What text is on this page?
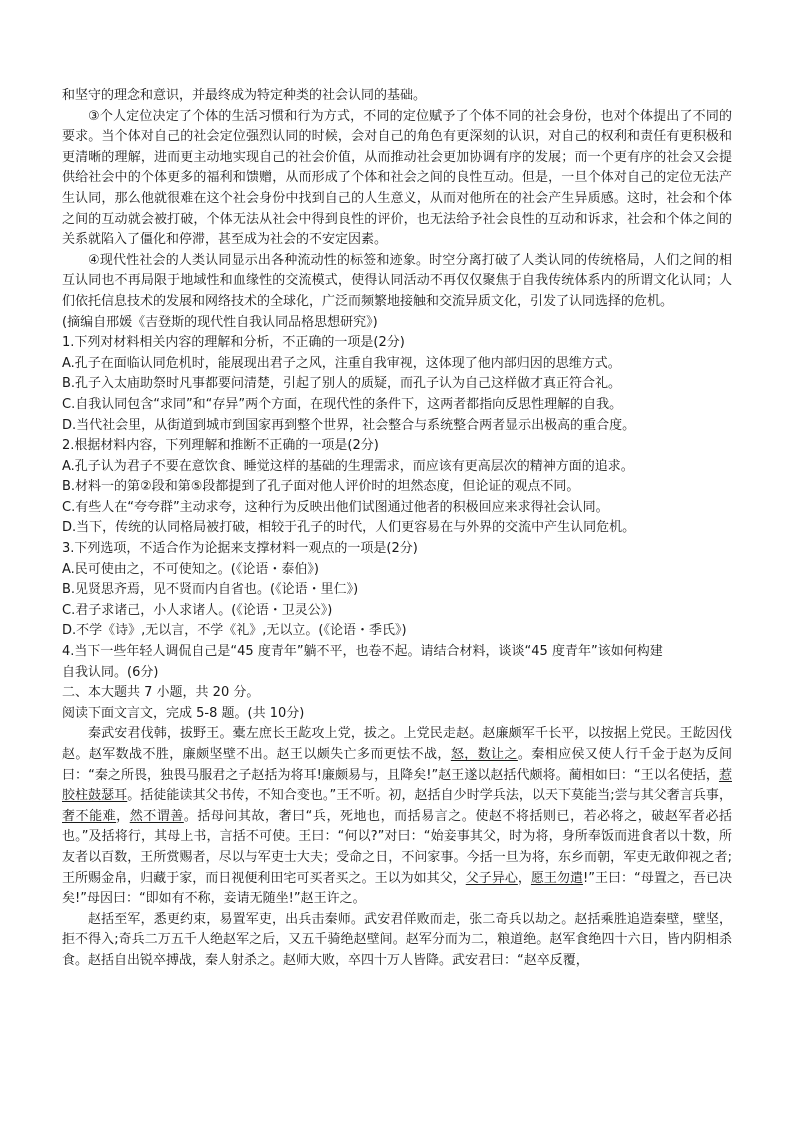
和坚守的理念和意识，并最终成为特定种类的社会认同的基础。

③个人定位决定了个体的生活习惯和行为方式，不同的定位赋予了个体不同的社会身份，也对个体提出了不同的要求。当个体对自己的社会定位强烈认同的时候，会对自己的角色有更深刻的认识，对自己的权利和责任有更积极和更清晰的理解，进而更主动地实现自己的社会价值，从而推动社会更加协调有序的发展；而一个更有序的社会又会提供给社会中的个体更多的福利和馈赠，从而形成了个体和社会之间的良性互动。但是，一旦个体对自己的定位无法产生认同，那么他就很难在这个社会身份中找到自己的人生意义，从而对他所在的社会产生异质感。这时，社会和个体之间的互动就会被打破，个体无法从社会中得到良性的评价，也无法给予社会良性的互动和诉求，社会和个体之间的关系就陷入了僵化和停滞，甚至成为社会的不安定因素。

④现代性社会的人类认同显示出各种流动性的标签和迹象。时空分离打破了人类认同的传统格局，人们之间的相互认同也不再局限于地域性和血缘性的交流模式，使得认同活动不再仅仅聚焦于自我传统体系内的所谓文化认同；人们依托信息技术的发展和网络技术的全球化，广泛而频繁地接触和交流异质文化，引发了认同选择的危机。

(摘编自邢媛《吉登斯的现代性自我认同品格思想研究》)

1.下列对材料相关内容的理解和分析，不正确的一项是(2分)

A.孔子在面临认同危机时，能展现出君子之风，注重自我审视，这体现了他内部归因的思维方式。

B.孔子入太庙助祭时凡事都要问清楚，引起了别人的质疑，而孔子认为自己这样做才真正符合礼。

C.自我认同包含“求同”和“存异”两个方面，在现代性的条件下，这两者都指向反思性理解的自我。

D.当代社会里，从街道到城市到国家再到整个世界，社会整合与系统整合两者显示出极高的重合度。

2.根据材料内容，下列理解和推断不正确的一项是(2分)

A.孔子认为君子不要在意饮食、睡觉这样的基础的生理需求，而应该有更高层次的精神方面的追求。

B.材料一的第②段和第⑤段都提到了孔子面对他人评价时的坦然态度，但论证的观点不同。

C.有些人在“夸夸群”主动求夸，这种行为反映出他们试图通过他者的积极回应来求得社会认同。

D.当下，传统的认同格局被打破，相较于孔子的时代，人们更容易在与外界的交流中产生认同危机。

3.下列选项，不适合作为论据来支撑材料一观点的一项是(2分)

A.民可使由之，不可使知之。(《论语・泰伯》)

B.见贤思齐焉，见不贤而内自省也。(《论语・里仁》)

C.君子求诸己，小人求诸人。(《论语・卫灵公》)

D.不学《诗》,无以言，不学《礼》,无以立。(《论语・季氏》)

4.当下一些年轻人调侃自己是“45 度青年”躺不平，也卷不起。请结合材料，谈谈“45 度青年”该如何构建

自我认同。(6分)

二、本大题共 7 小题，共 20 分。

阅读下面文言文，完成 5-8 题。(共 10分)

秦武安君伐韩，拔野王。橐左庶长王龁攻上党，拔之。上党民走赵。赵廉颇军千长平，以按据上党民。王龁因伐赵。赵军数战不胜，廉颇坚壁不出。赵王以颇失亡多而更怯不战，怒，数让之。秦相应侯又使人行千金于赵为反间 曰：“秦之所畏，独畏马服君之子赵括为将耳!廉颇易与，且降矣!”赵王遂以赵括代颇将。蔺相如曰：“王以名使括，惹胶柱鼓瑟耳。括徒能读其父书传，不知合变也。”王不听。初，赵括自少时学兵法，以天下莫能当;尝与其父奢言兵事，奢不能难，然不谓善。括母问其故，奢曰“兵，死地也，而括易言之。使赵不将括则已，若必将之，破赵军者必括也。”及括将行，其母上书，言括不可使。王曰：“何以?”对曰：“始妾事其父，时为将，身所奉饭而进食者以十数，所友者以百数，王所赏赐者，尽以与军吏士大夫；受命之日，不问家事。今括一旦为将，东乡而朝，军吏无敢仰视之者;王所赐金帛，归藏于家，而日视便利田宅可买者买之。王以为如其父，父子异心，愿王勿遣!”王曰：“母置之，吾已决矣!”母因曰：“即如有不称，妾请无随坐!”赵王许之。

赵括至军，悉更约束，易置军吏，出兵击秦师。武安君佯败而走，张二奇兵以劫之。赵括乘胜追造秦壁，壁坚，拒不得入;奇兵二万五千人绝赵军之后，又五千骑绝赵壁间。赵军分而为二，粮道绝。赵军食绝四十六日，皆内阴相杀食。赵括自出锐卒搏战，秦人射杀之。赵师大败，卒四十万人皆降。武安君曰：“赵卒反覆，
